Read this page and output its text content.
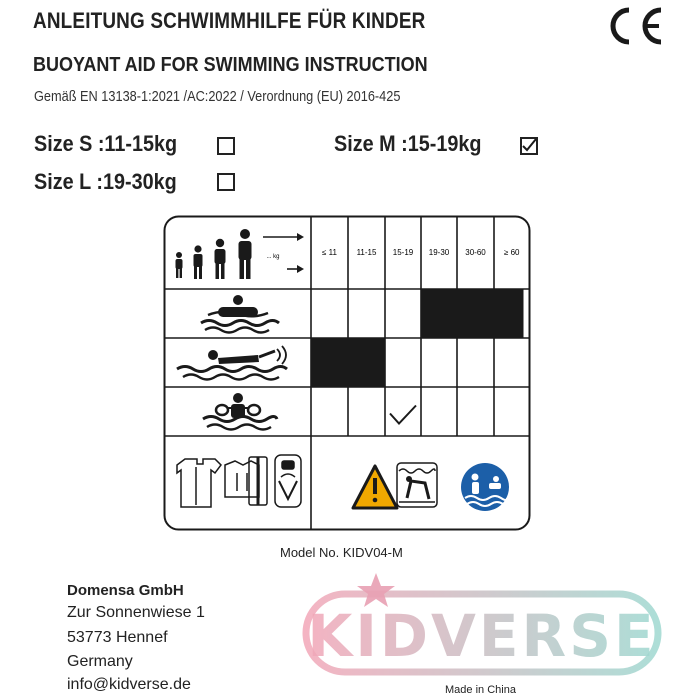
ANLEITUNG SCHWIMMHILFE FÜR KINDER
BUOYANT AID FOR SWIMMING INSTRUCTION
Gemäß EN 13138-1:2021 /AC:2022 / Verordnung (EU) 2016-425
Size S :11-15kg	Size M :15-19kg
Size L :19-30kg
≤ 11 11-15 15-19 19-30 30-60 ≥ 60
... kg
Model No. KIDV04-M
Domensa GmbH
Zur Sonnenwiese 1
53773 Hennef
Germany
info@kidverse.de
KIDVERSE
Made in China
